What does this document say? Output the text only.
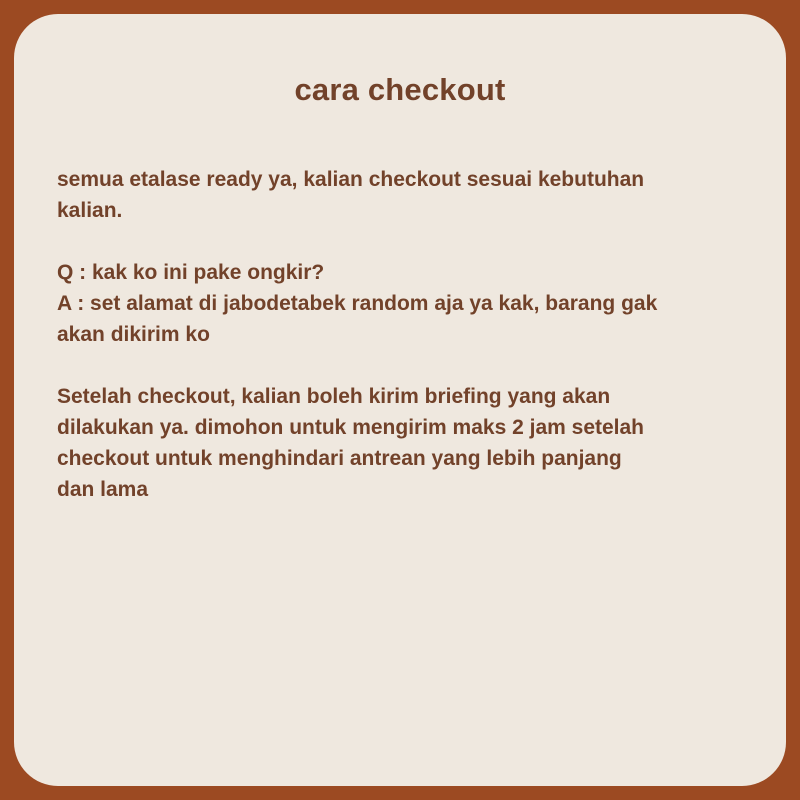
cara checkout

semua etalase ready ya, kalian checkout sesuai kebutuhan
kalian.

Q : kak ko ini pake ongkir?
A : set alamat di jabodetabek random aja ya kak, barang gak
akan dikirim ko

Setelah checkout, kalian boleh kirim briefing yang akan
dilakukan ya. dimohon untuk mengirim maks 2 jam setelah
checkout untuk menghindari antrean yang lebih panjang
dan lama
